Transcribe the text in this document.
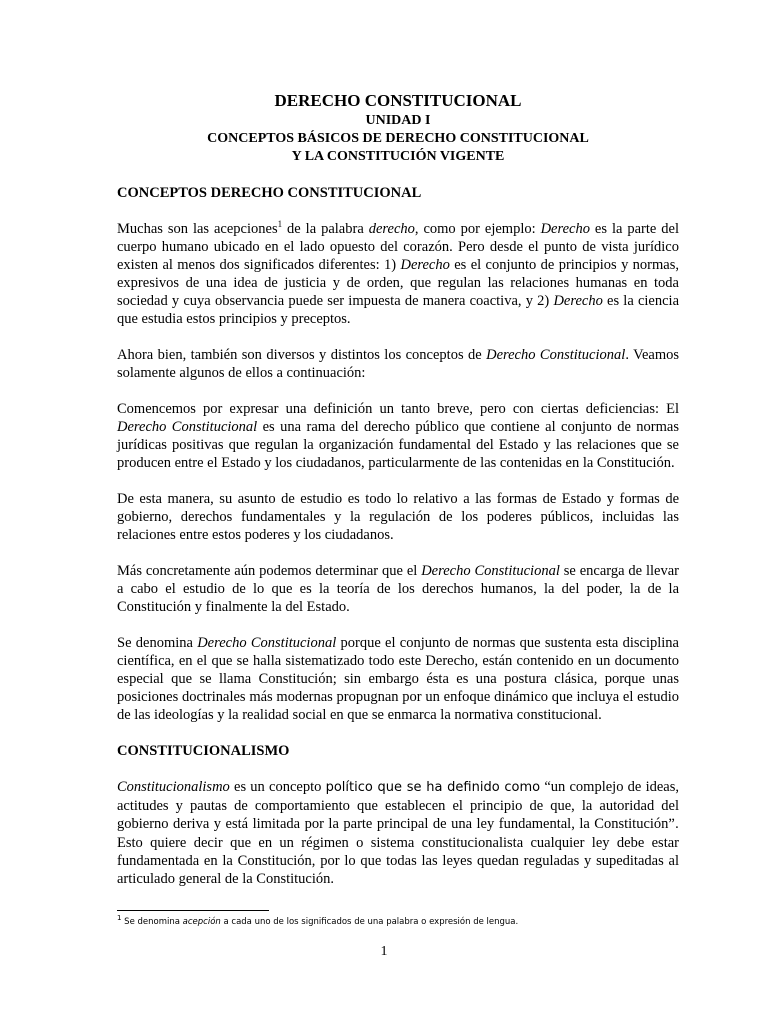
DERECHO CONSTITUCIONAL
UNIDAD I
CONCEPTOS BÁSICOS DE DERECHO CONSTITUCIONAL
Y LA CONSTITUCIÓN VIGENTE
CONCEPTOS DERECHO CONSTITUCIONAL

Muchas son las acepciones$^1$ de la palabra derecho, como por ejemplo: Derecho es la parte del cuerpo humano ubicado en el lado opuesto del corazón. Pero desde el punto de vista jurídico existen al menos dos significados diferentes: 1) Derecho es el conjunto de principios y normas, expresivos de una idea de justicia y de orden, que regulan las relaciones humanas en toda sociedad y cuya observancia puede ser impuesta de manera coactiva, y 2) Derecho es la ciencia que estudia estos principios y preceptos.

Ahora bien, también son diversos y distintos los conceptos de Derecho Constitucional. Veamos solamente algunos de ellos a continuación:

Comencemos por expresar una definición un tanto breve, pero con ciertas deficiencias: El Derecho Constitucional es una rama del derecho público que contiene al conjunto de normas jurídicas positivas que regulan la organización fundamental del Estado y las relaciones que se producen entre el Estado y los ciudadanos, particularmente de las contenidas en la Constitución.

De esta manera, su asunto de estudio es todo lo relativo a las formas de Estado y formas de gobierno, derechos fundamentales y la regulación de los poderes públicos, incluidas las relaciones entre estos poderes y los ciudadanos.

Más concretamente aún podemos determinar que el Derecho Constitucional se encarga de llevar a cabo el estudio de lo que es la teoría de los derechos humanos, la del poder, la de la Constitución y finalmente la del Estado.

Se denomina Derecho Constitucional porque el conjunto de normas que sustenta esta disciplina científica, en el que se halla sistematizado todo este Derecho, están contenido en un documento especial que se llama Constitución; sin embargo ésta es una postura clásica, porque unas posiciones doctrinales más modernas propugnan por un enfoque dinámico que incluya el estudio de las ideologías y la realidad social en que se enmarca la normativa constitucional.

CONSTITUCIONALISMO

Constitucionalismo es un concepto político que se ha definido como “un complejo de ideas, actitudes y pautas de comportamiento que establecen el principio de que, la autoridad del gobierno deriva y está limitada por la parte principal de una ley fundamental, la Constitución”. Esto quiere decir que en un régimen o sistema constitucionalista cualquier ley debe estar fundamentada en la Constitución, por lo que todas las leyes quedan reguladas y supeditadas al articulado general de la Constitución.

$^1$ Se denomina acepción a cada uno de los significados de una palabra o expresión de lengua.
1
